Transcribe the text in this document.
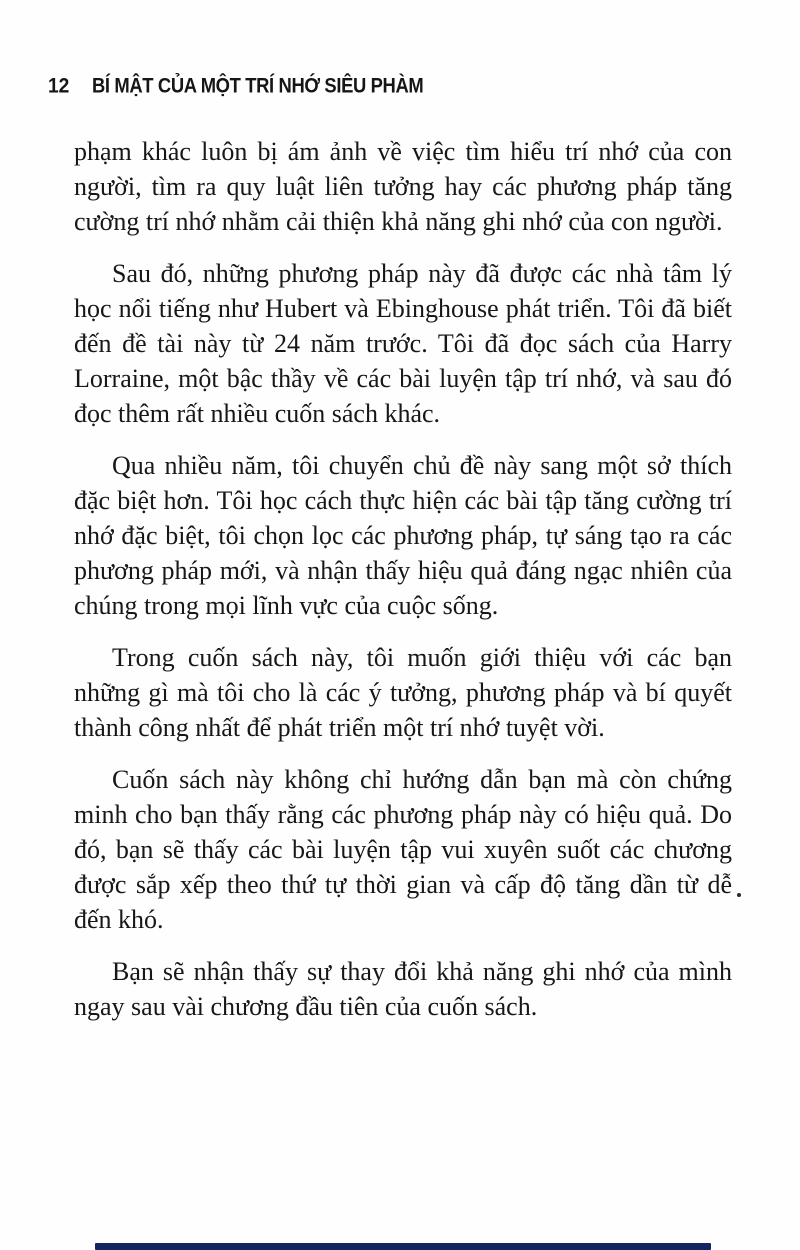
12 BÍ MẬT CỦA MỘT TRÍ NHỚ SIÊU PHÀM

phạm khác luôn bị ám ảnh về việc tìm hiểu trí nhớ của con người, tìm ra quy luật liên tưởng hay các phương pháp tăng cường trí nhớ nhằm cải thiện khả năng ghi nhớ của con người.

Sau đó, những phương pháp này đã được các nhà tâm lý học nổi tiếng như Hubert và Ebinghouse phát triển. Tôi đã biết đến đề tài này từ 24 năm trước. Tôi đã đọc sách của Harry Lorraine, một bậc thầy về các bài luyện tập trí nhớ, và sau đó đọc thêm rất nhiều cuốn sách khác.

Qua nhiều năm, tôi chuyển chủ đề này sang một sở thích đặc biệt hơn. Tôi học cách thực hiện các bài tập tăng cường trí nhớ đặc biệt, tôi chọn lọc các phương pháp, tự sáng tạo ra các phương pháp mới, và nhận thấy hiệu quả đáng ngạc nhiên của chúng trong mọi lĩnh vực của cuộc sống.

Trong cuốn sách này, tôi muốn giới thiệu với các bạn những gì mà tôi cho là các ý tưởng, phương pháp và bí quyết thành công nhất để phát triển một trí nhớ tuyệt vời.

Cuốn sách này không chỉ hướng dẫn bạn mà còn chứng minh cho bạn thấy rằng các phương pháp này có hiệu quả. Do đó, bạn sẽ thấy các bài luyện tập vui xuyên suốt các chương được sắp xếp theo thứ tự thời gian và cấp độ tăng dần từ dễ đến khó.

Bạn sẽ nhận thấy sự thay đổi khả năng ghi nhớ của mình ngay sau vài chương đầu tiên của cuốn sách.
